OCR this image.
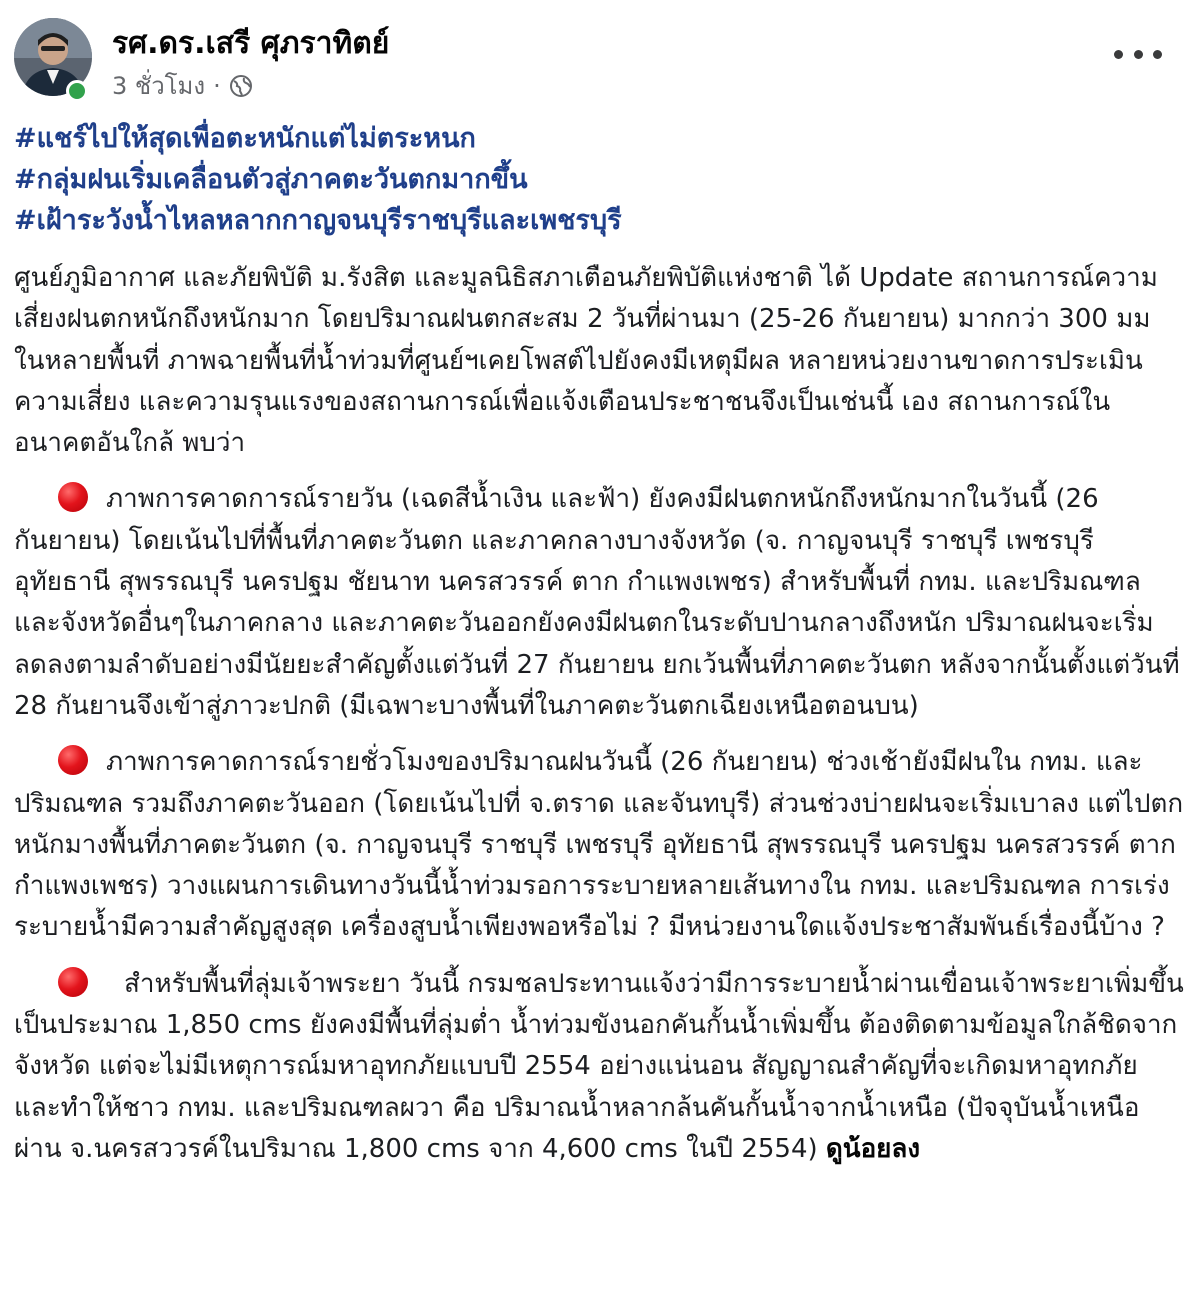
รศ.ดร.เสรี ศุภราทิตย์
3 ชั่วโมง ·
#แชร์ไปให้สุดเพื่อตะหนักแต่ไม่ตระหนก
#กลุ่มฝนเริ่มเคลื่อนตัวสู่ภาคตะวันตกมากขึ้น
#เฝ้าระวังน้ำไหลหลากกาญจนบุรีราชบุรีและเพชรบุรี

ศูนย์ภูมิอากาศ และภัยพิบัติ ม.รังสิต และมูลนิธิสภาเตือนภัยพิบัติแห่งชาติ ได้ Update สถานการณ์ความเสี่ยงฝนตกหนักถึงหนักมาก โดยปริมาณฝนตกสะสม 2 วันที่ผ่านมา (25-26 กันยายน) มากกว่า 300 มม ในหลายพื้นที่ ภาพฉายพื้นที่น้ำท่วมที่ศูนย์ฯเคยโพสต์ไปยังคงมีเหตุมีผล หลายหน่วยงานขาดการประเมินความเสี่ยง และความรุนแรงของสถานการณ์เพื่อแจ้งเตือนประชาชนจึงเป็นเช่นนี้ เอง สถานการณ์ในอนาคตอันใกล้ พบว่า

ภาพการคาดการณ์รายวัน (เฉดสีน้ำเงิน และฟ้า) ยังคงมีฝนตกหนักถึงหนักมากในวันนี้ (26 กันยายน) โดยเน้นไปที่พื้นที่ภาคตะวันตก และภาคกลางบางจังหวัด (จ. กาญจนบุรี ราชบุรี เพชรบุรี อุทัยธานี สุพรรณบุรี นครปฐม ชัยนาท นครสวรรค์ ตาก กำแพงเพชร) สำหรับพื้นที่ กทม. และปริมณฑล และจังหวัดอื่นๆในภาคกลาง และภาคตะวันออกยังคงมีฝนตกในระดับปานกลางถึงหนัก ปริมาณฝนจะเริ่มลดลงตามลำดับอย่างมีนัยยะสำคัญตั้งแต่วันที่ 27 กันยายน ยกเว้นพื้นที่ภาคตะวันตก หลังจากนั้นตั้งแต่วันที่ 28 กันยานจึงเข้าสู่ภาวะปกติ (มีเฉพาะบางพื้นที่ในภาคตะวันตกเฉียงเหนือตอนบน)

ภาพการคาดการณ์รายชั่วโมงของปริมาณฝนวันนี้ (26 กันยายน) ช่วงเช้ายังมีฝนใน กทม. และปริมณฑล รวมถึงภาคตะวันออก (โดยเน้นไปที่ จ.ตราด และจันทบุรี) ส่วนช่วงบ่ายฝนจะเริ่มเบาลง แต่ไปตกหนักมางพื้นที่ภาคตะวันตก (จ. กาญจนบุรี ราชบุรี เพชรบุรี อุทัยธานี สุพรรณบุรี นครปฐม นครสวรรค์ ตาก กำแพงเพชร) วางแผนการเดินทางวันนี้น้ำท่วมรอการระบายหลายเส้นทางใน กทม. และปริมณฑล การเร่งระบายน้ำมีความสำคัญสูงสุด เครื่องสูบน้ำเพียงพอหรือไม่ ? มีหน่วยงานใดแจ้งประชาสัมพันธ์เรื่องนี้บ้าง ?

สำหรับพื้นที่ลุ่มเจ้าพระยา วันนี้ กรมชลประทานแจ้งว่ามีการระบายน้ำผ่านเขื่อนเจ้าพระยาเพิ่มขึ้นเป็นประมาณ 1,850 cms ยังคงมีพื้นที่ลุ่มต่ำ น้ำท่วมขังนอกคันกั้นน้ำเพิ่มขึ้น ต้องติดตามข้อมูลใกล้ชิดจากจังหวัด แต่จะไม่มีเหตุการณ์มหาอุทกภัยแบบปี 2554 อย่างแน่นอน สัญญาณสำคัญที่จะเกิดมหาอุทกภัย และทำให้ชาว กทม. และปริมณฑลผวา คือ ปริมาณน้ำหลากล้นคันกั้นน้ำจากน้ำเหนือ (ปัจจุบันน้ำเหนือผ่าน จ.นครสววรค์ในปริมาณ 1,800 cms จาก 4,600 cms ในปี 2554) ดูน้อยลง
